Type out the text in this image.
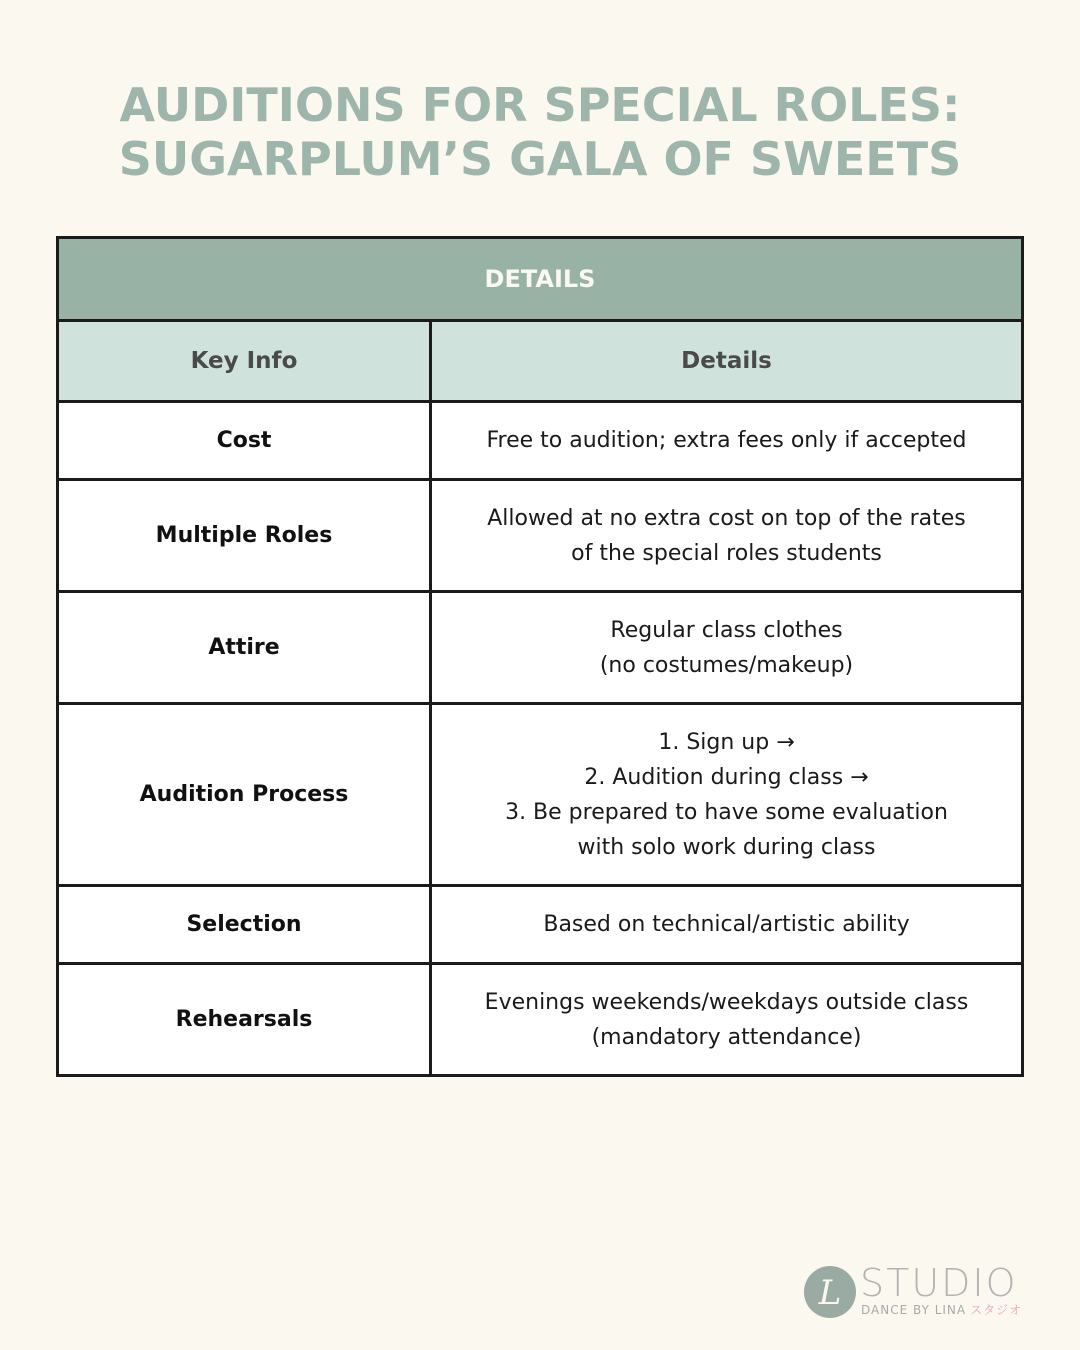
AUDITIONS FOR SPECIAL ROLES:
SUGARPLUM’S GALA OF SWEETS
DETAILS	
Key Info	Details
Cost	Free to audition; extra fees only if accepted

Multiple Roles	Allowed at no extra cost on top of the rates
of the special roles students

Attire	Regular class clothes
(no costumes/makeup)

Audition Process	1. Sign up →
2. Audition during class →
3. Be prepared to have some evaluation
with solo work during class

Selection	Based on technical/artistic ability

Rehearsals	Evenings weekends/weekdays outside class
(mandatory attendance)
L STUDIO
DANCE BY LINA スタジオ
